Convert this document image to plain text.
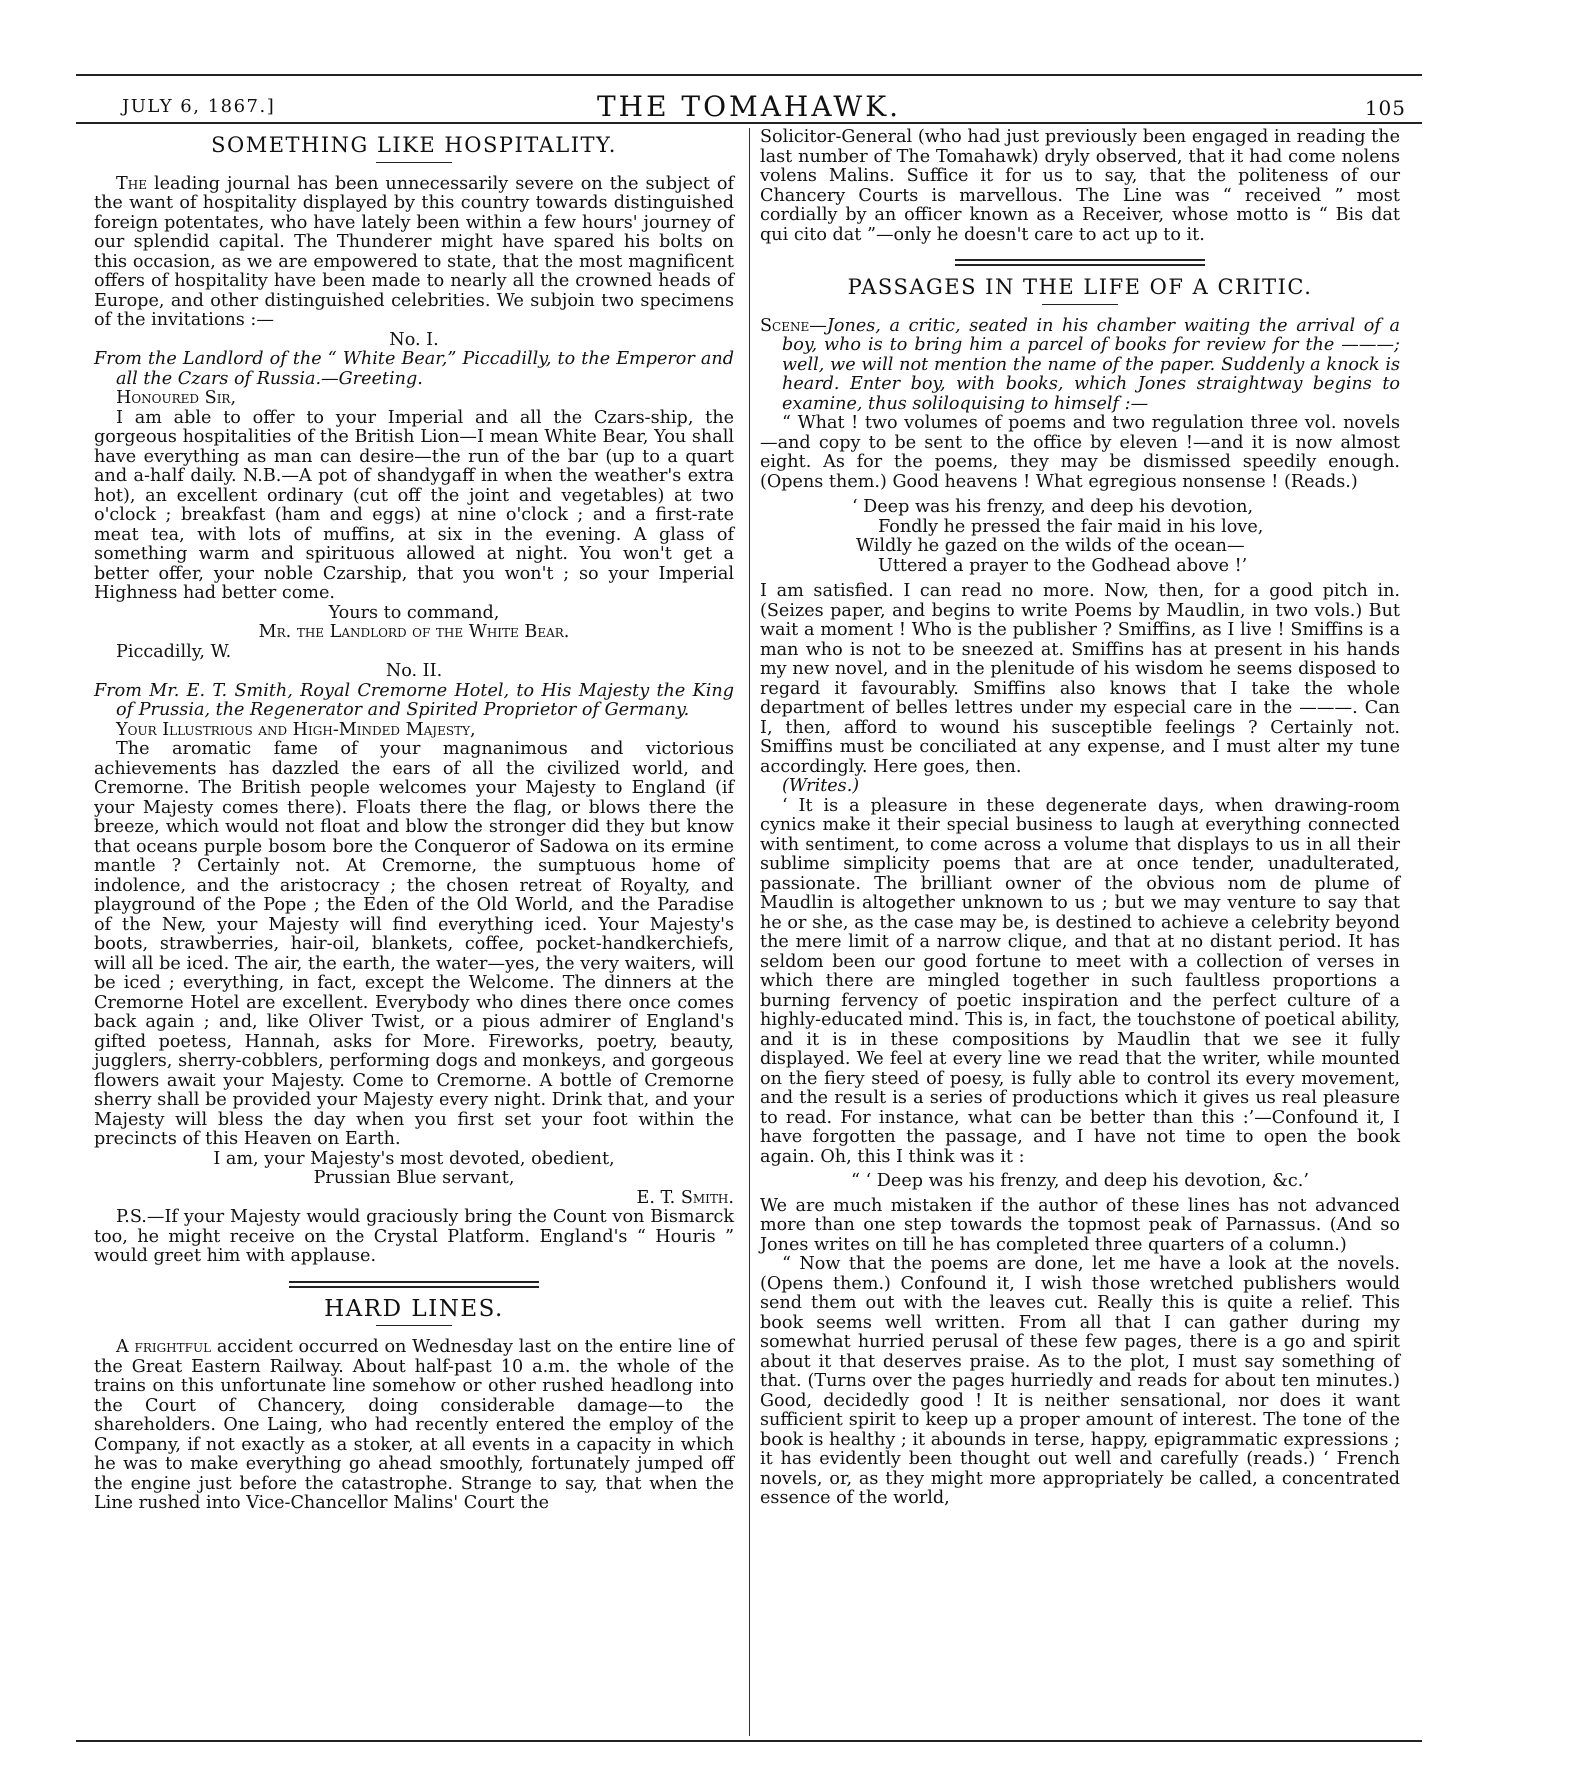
JULY 6, 1867.]	THE TOMAHAWK.	105
SOMETHING LIKE HOSPITALITY.

The leading journal has been unnecessarily severe on the subject of the want of hospitality displayed by this country towards distinguished foreign potentates, who have lately been within a few hours' journey of our splendid capital. The Thunderer might have spared his bolts on this occasion, as we are empowered to state, that the most magnificent offers of hospitality have been made to nearly all the crowned heads of Europe, and other distinguished celebrities. We subjoin two specimens of the invitations :—

No. I.

From the Landlord of the “ White Bear,” Piccadilly, to the Emperor and all the Czars of Russia.—Greeting.

Honoured Sir,

I am able to offer to your Imperial and all the Czars-ship, the gorgeous hospitalities of the British Lion—I mean White Bear, You shall have everything as man can desire—the run of the bar (up to a quart and a-half daily. N.B.—A pot of shandygaff in when the weather's extra hot), an excellent ordinary (cut off the joint and vegetables) at two o'clock ; breakfast (ham and eggs) at nine o'clock ; and a first-rate meat tea, with lots of muffins, at six in the evening. A glass of something warm and spirituous allowed at night. You won't get a better offer, your noble Czarship, that you won't ; so your Imperial Highness had better come.

Yours to command,

Mr. the Landlord of the White Bear.

Piccadilly, W.

No. II.

From Mr. E. T. Smith, Royal Cremorne Hotel, to His Majesty the King of Prussia, the Regenerator and Spirited Proprietor of Germany.

Your Illustrious and High-Minded Majesty,

The aromatic fame of your magnanimous and victorious achievements has dazzled the ears of all the civilized world, and Cremorne. The British people welcomes your Majesty to England (if your Majesty comes there). Floats there the flag, or blows there the breeze, which would not float and blow the stronger did they but know that oceans purple bosom bore the Conqueror of Sadowa on its ermine mantle ? Certainly not. At Cremorne, the sumptuous home of indolence, and the aristocracy ; the chosen retreat of Royalty, and playground of the Pope ; the Eden of the Old World, and the Paradise of the New, your Majesty will find everything iced. Your Majesty's boots, strawberries, hair-oil, blankets, coffee, pocket-handkerchiefs, will all be iced. The air, the earth, the water—yes, the very waiters, will be iced ; everything, in fact, except the Welcome. The dinners at the Cremorne Hotel are excellent. Everybody who dines there once comes back again ; and, like Oliver Twist, or a pious admirer of England's gifted poetess, Hannah, asks for More. Fireworks, poetry, beauty, jugglers, sherry-cobblers, performing dogs and monkeys, and gorgeous flowers await your Majesty. Come to Cremorne. A bottle of Cremorne sherry shall be provided your Majesty every night. Drink that, and your Majesty will bless the day when you first set your foot within the precincts of this Heaven on Earth.

I am, your Majesty's most devoted, obedient,

Prussian Blue servant,

E. T. Smith.

P.S.—If your Majesty would graciously bring the Count von Bismarck too, he might receive on the Crystal Platform. England's “ Houris ” would greet him with applause.

HARD LINES.

A frightful accident occurred on Wednesday last on the entire line of the Great Eastern Railway. About half-past 10 a.m. the whole of the trains on this unfortunate line somehow or other rushed headlong into the Court of Chancery, doing considerable damage—to the shareholders. One Laing, who had recently entered the employ of the Company, if not exactly as a stoker, at all events in a capacity in which he was to make everything go ahead smoothly, fortunately jumped off the engine just before the catastrophe. Strange to say, that when the Line rushed into Vice-Chancellor Malins' Court the

Solicitor-General (who had just previously been engaged in reading the last number of The Tomahawk) dryly observed, that it had come nolens volens Malins. Suffice it for us to say, that the politeness of our Chancery Courts is marvellous. The Line was “ received ” most cordially by an officer known as a Receiver, whose motto is “ Bis dat qui cito dat ”—only he doesn't care to act up to it.

PASSAGES IN THE LIFE OF A CRITIC.

Scene—Jones, a critic, seated in his chamber waiting the arrival of a boy, who is to bring him a parcel of books for review for the ———; well, we will not mention the name of the paper. Suddenly a knock is heard. Enter boy, with books, which Jones straightway begins to examine, thus soliloquising to himself :—

“ What ! two volumes of poems and two regulation three vol. novels—and copy to be sent to the office by eleven !—and it is now almost eight. As for the poems, they may be dismissed speedily enough. (Opens them.) Good heavens ! What egregious nonsense ! (Reads.)

‘ Deep was his frenzy, and deep his devotion,
Fondly he pressed the fair maid in his love,
Wildly he gazed on the wilds of the ocean—
Uttered a prayer to the Godhead above !’

I am satisfied. I can read no more. Now, then, for a good pitch in. (Seizes paper, and begins to write Poems by Maudlin, in two vols.) But wait a moment ! Who is the publisher ? Smiffins, as I live ! Smiffins is a man who is not to be sneezed at. Smiffins has at present in his hands my new novel, and in the plenitude of his wisdom he seems disposed to regard it favourably. Smiffins also knows that I take the whole department of belles lettres under my especial care in the ———. Can I, then, afford to wound his susceptible feelings ? Certainly not. Smiffins must be conciliated at any expense, and I must alter my tune accordingly. Here goes, then.

(Writes.)

‘ It is a pleasure in these degenerate days, when drawing-room cynics make it their special business to laugh at everything connected with sentiment, to come across a volume that displays to us in all their sublime simplicity poems that are at once tender, unadulterated, passionate. The brilliant owner of the obvious nom de plume of Maudlin is altogether unknown to us ; but we may venture to say that he or she, as the case may be, is destined to achieve a celebrity beyond the mere limit of a narrow clique, and that at no distant period. It has seldom been our good fortune to meet with a collection of verses in which there are mingled together in such faultless proportions a burning fervency of poetic inspiration and the perfect culture of a highly-educated mind. This is, in fact, the touchstone of poetical ability, and it is in these compositions by Maudlin that we see it fully displayed. We feel at every line we read that the writer, while mounted on the fiery steed of poesy, is fully able to control its every movement, and the result is a series of productions which it gives us real pleasure to read. For instance, what can be better than this :’—Confound it, I have forgotten the passage, and I have not time to open the book again. Oh, this I think was it :

“ ‘ Deep was his frenzy, and deep his devotion, &c.’

We are much mistaken if the author of these lines has not advanced more than one step towards the topmost peak of Parnassus. (And so Jones writes on till he has completed three quarters of a column.)

“ Now that the poems are done, let me have a look at the novels. (Opens them.) Confound it, I wish those wretched publishers would send them out with the leaves cut. Really this is quite a relief. This book seems well written. From all that I can gather during my somewhat hurried perusal of these few pages, there is a go and spirit about it that deserves praise. As to the plot, I must say something of that. (Turns over the pages hurriedly and reads for about ten minutes.) Good, decidedly good ! It is neither sensational, nor does it want sufficient spirit to keep up a proper amount of interest. The tone of the book is healthy ; it abounds in terse, happy, epigrammatic expressions ; it has evidently been thought out well and carefully (reads.) ‘ French novels, or, as they might more appropriately be called, a concentrated essence of the world,
